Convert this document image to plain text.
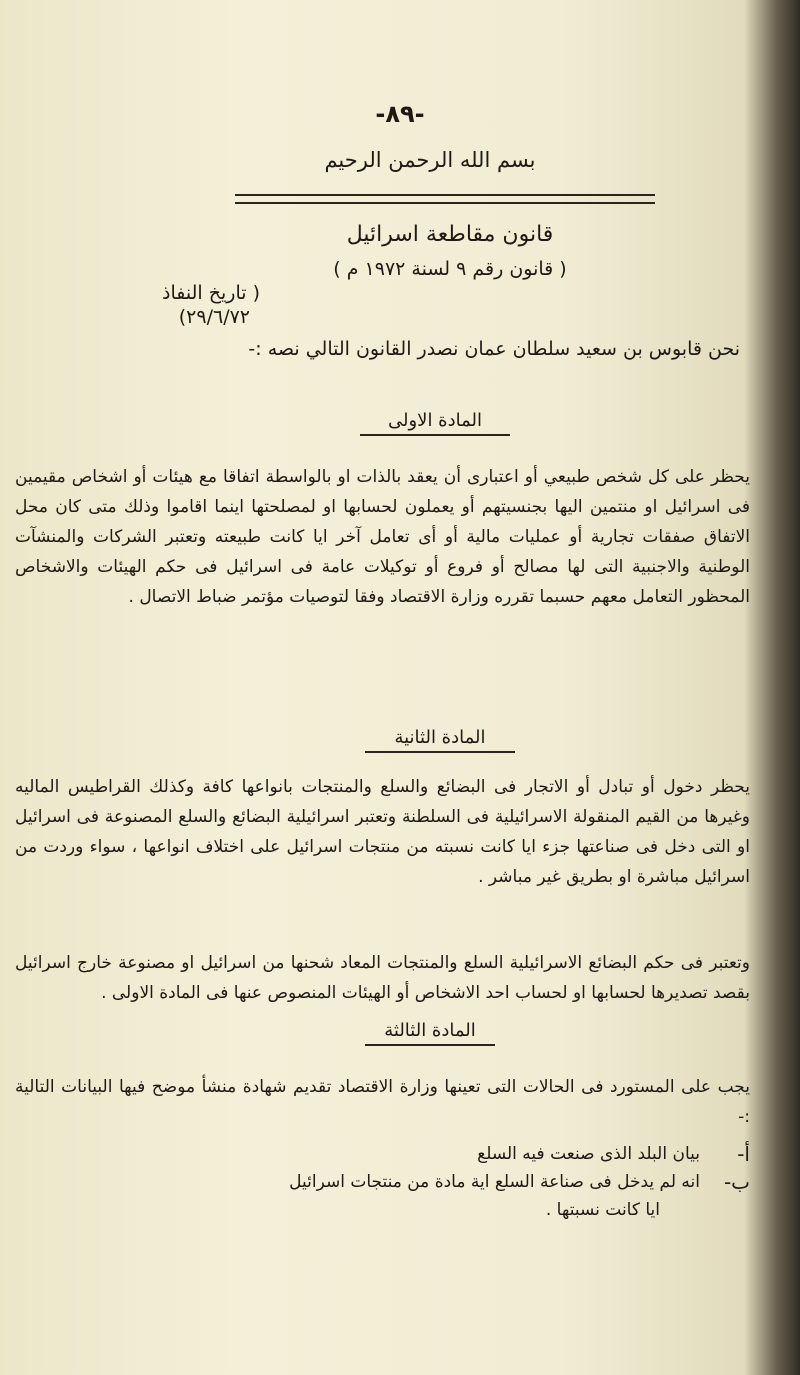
-٨٩-
بسم الله الرحمن الرحيم
قانون مقاطعة اسرائيل
( قانون رقم ٩ لسنة ١٩٧٢ م )
( تاريخ النفاذ
٢٩/٦/٧٢)
نحن قابوس بن سعيد سلطان عمان نصدر القانون التالي نصه :-
المادة الاولى

يحظر على كل شخص طبيعي أو اعتبارى أن يعقد بالذات او بالواسطة اتفاقا مع هيئات أو اشخاص مقيمين فى اسرائيل او منتمين اليها بجنسيتهم أو يعملون لحسابها او لمصلحتها اينما اقاموا وذلك متى كان محل الاتفاق صفقات تجارية أو عمليات مالية أو أى تعامل آخر ايا كانت طبيعته وتعتبر الشركات والمنشآت الوطنية والاجنبية التى لها مصالح أو فروع أو توكيلات عامة فى اسرائيل فى حكم الهيئات والاشخاص المحظور التعامل معهم حسبما تقرره وزارة الاقتصاد وفقا لتوصيات مؤتمر ضباط الاتصال .

المادة الثانية

يحظر دخول أو تبادل أو الاتجار فى البضائع والسلع والمنتجات بانواعها كافة وكذلك القراطيس الماليه وغيرها من القيم المنقولة الاسرائيلية فى السلطنة وتعتبر اسرائيلية البضائع والسلع المصنوعة فى اسرائيل او التى دخل فى صناعتها جزء ايا كانت نسبته من منتجات اسرائيل على اختلاف انواعها ، سواء وردت من اسرائيل مباشرة او بطريق غير مباشر .

وتعتبر فى حكم البضائع الاسرائيلية السلع والمنتجات المعاد شحنها من اسرائيل او مصنوعة خارج اسرائيل بقصد تصديرها لحسابها او لحساب احد الاشخاص أو الهيئات المنصوص عنها فى المادة الاولى .

المادة الثالثة

يجب على المستورد فى الحالات التى تعينها وزارة الاقتصاد تقديم شهادة منشأ موضح فيها البيانات التالية :-

أ-
بيان البلد الذى صنعت فيه السلع
ب-
انه لم يدخل فى صناعة السلع اية مادة من منتجات اسرائيل
ايا كانت نسبتها .
